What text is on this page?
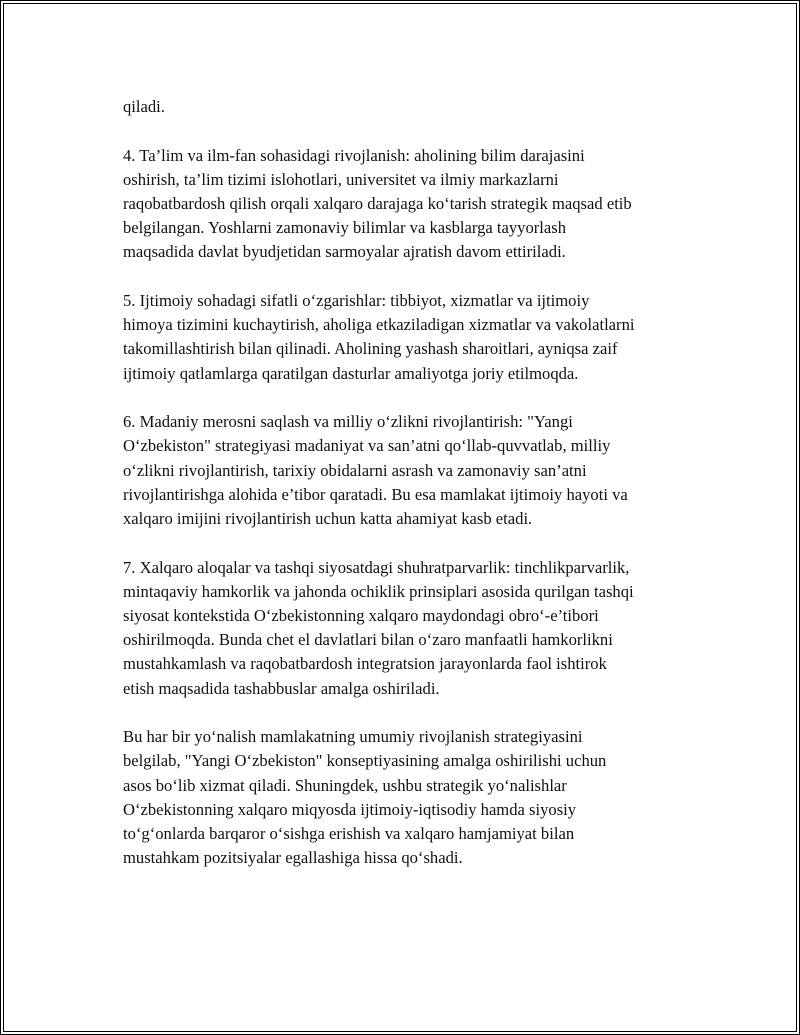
qiladi.

4. Ta’lim va ilm-fan sohasidagi rivojlanish: aholining bilim darajasini
oshirish, ta’lim tizimi islohotlari, universitet va ilmiy markazlarni
raqobatbardosh qilish orqali xalqaro darajaga ko‘tarish strategik maqsad etib
belgilangan. Yoshlarni zamonaviy bilimlar va kasblarga tayyorlash
maqsadida davlat byudjetidan sarmoyalar ajratish davom ettiriladi.

5. Ijtimoiy sohadagi sifatli o‘zgarishlar: tibbiyot, xizmatlar va ijtimoiy
himoya tizimini kuchaytirish, aholiga etkaziladigan xizmatlar va vakolatlarni
takomillashtirish bilan qilinadi. Aholining yashash sharoitlari, ayniqsa zaif
ijtimoiy qatlamlarga qaratilgan dasturlar amaliyotga joriy etilmoqda.

6. Madaniy merosni saqlash va milliy o‘zlikni rivojlantirish: "Yangi
O‘zbekiston" strategiyasi madaniyat va san’atni qo‘llab-quvvatlab, milliy
o‘zlikni rivojlantirish, tarixiy obidalarni asrash va zamonaviy san’atni
rivojlantirishga alohida e’tibor qaratadi. Bu esa mamlakat ijtimoiy hayoti va
xalqaro imijini rivojlantirish uchun katta ahamiyat kasb etadi.

7. Xalqaro aloqalar va tashqi siyosatdagi shuhratparvarlik: tinchlikparvarlik,
mintaqaviy hamkorlik va jahonda ochiklik prinsiplari asosida qurilgan tashqi
siyosat kontekstida O‘zbekistonning xalqaro maydondagi obro‘-e’tibori
oshirilmoqda. Bunda chet el davlatlari bilan o‘zaro manfaatli hamkorlikni
mustahkamlash va raqobatbardosh integratsion jarayonlarda faol ishtirok
etish maqsadida tashabbuslar amalga oshiriladi.

Bu har bir yo‘nalish mamlakatning umumiy rivojlanish strategiyasini
belgilab, "Yangi O‘zbekiston" konseptiyasining amalga oshirilishi uchun
asos bo‘lib xizmat qiladi. Shuningdek, ushbu strategik yo‘nalishlar
O‘zbekistonning xalqaro miqyosda ijtimoiy-iqtisodiy hamda siyosiy
to‘g‘onlarda barqaror o‘sishga erishish va xalqaro hamjamiyat bilan
mustahkam pozitsiyalar egallashiga hissa qo‘shadi.
